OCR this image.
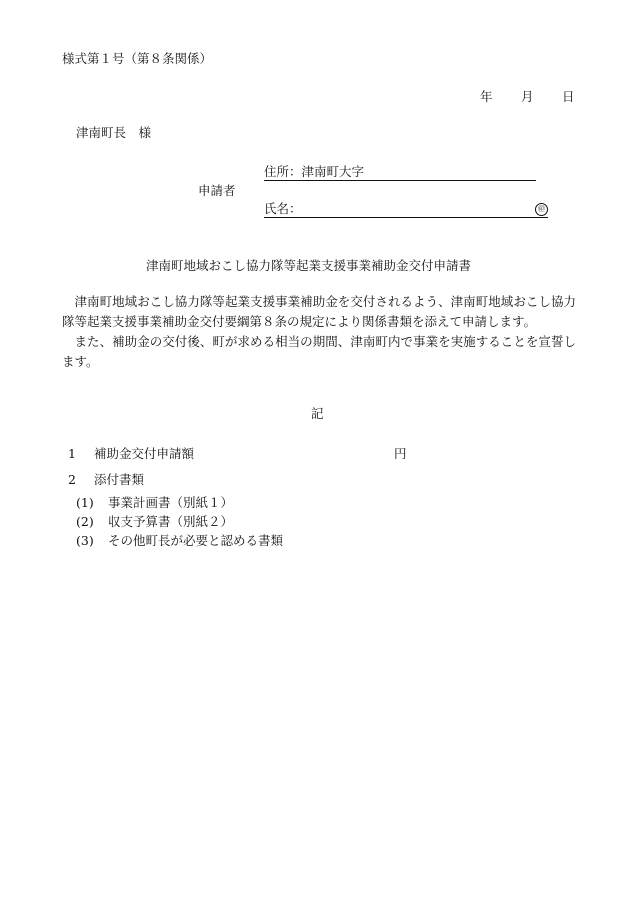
様式第１号（第８条関係）
年 月 日
津南町長　様
申請者
住所：津南町大字
氏名：	㊞
津南町地域おこし協力隊等起業支援事業補助金交付申請書

津南町地域おこし協力隊等起業支援事業補助金を交付されるよう、津南町地域おこし協力隊等起業支援事業補助金交付要綱第８条の規定により関係書類を添えて申請します。

また、補助金の交付後、町が求める相当の期間、津南町内で事業を実施することを宣誓します。

記
1 補助金交付申請額	円
2 添付書類
(1) 事業計画書（別紙１）
(2) 収支予算書（別紙２）
(3) その他町長が必要と認める書類
